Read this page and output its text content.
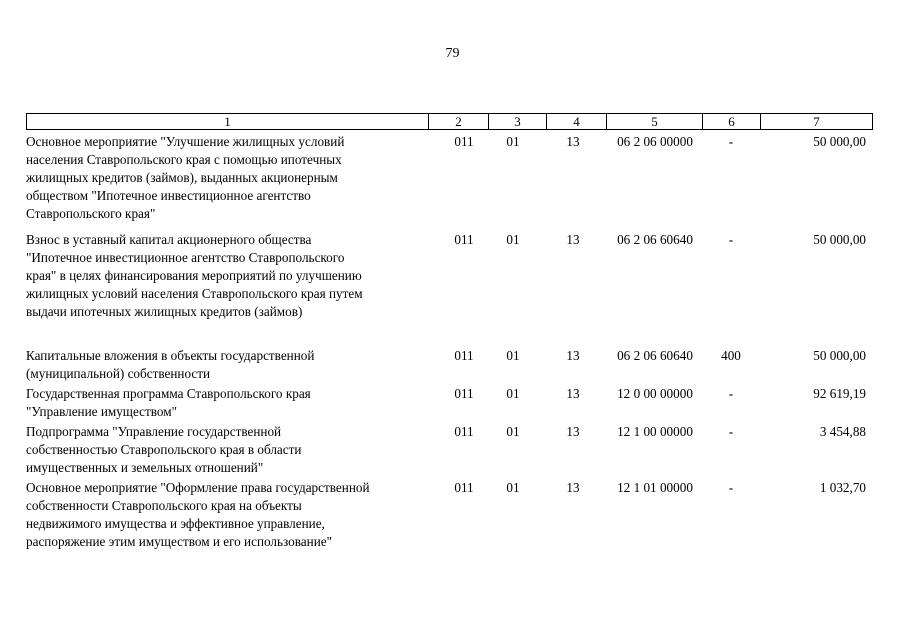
79
1	2	3	4	5	6	7
Основное мероприятие "Улучшение жилищных условий
населения Ставропольского края с помощью ипотечных
жилищных кредитов (займов), выданных акционерным
обществом "Ипотечное инвестиционное агентство
Ставропольского края"
011	01	13	06 2 06 00000	-	50 000,00
Взнос в уставный капитал акционерного общества
"Ипотечное инвестиционное агентство Ставропольского
края" в целях финансирования мероприятий по улучшению
жилищных условий населения Ставропольского края путем
выдачи ипотечных жилищных кредитов (займов)
011	01	13	06 2 06 60640	-	50 000,00
Капитальные вложения в объекты государственной
(муниципальной) собственности
011	01	13	06 2 06 60640	400	50 000,00
Государственная программа Ставропольского края
"Управление имуществом"
011	01	13	12 0 00 00000	-	92 619,19
Подпрограмма "Управление государственной
собственностью Ставропольского края в области
имущественных и земельных отношений"
011	01	13	12 1 00 00000	-	3 454,88
Основное мероприятие "Оформление права государственной
собственности Ставропольского края на объекты
недвижимого имущества и эффективное управление,
распоряжение этим имуществом и его использование"
011	01	13	12 1 01 00000	-	1 032,70
